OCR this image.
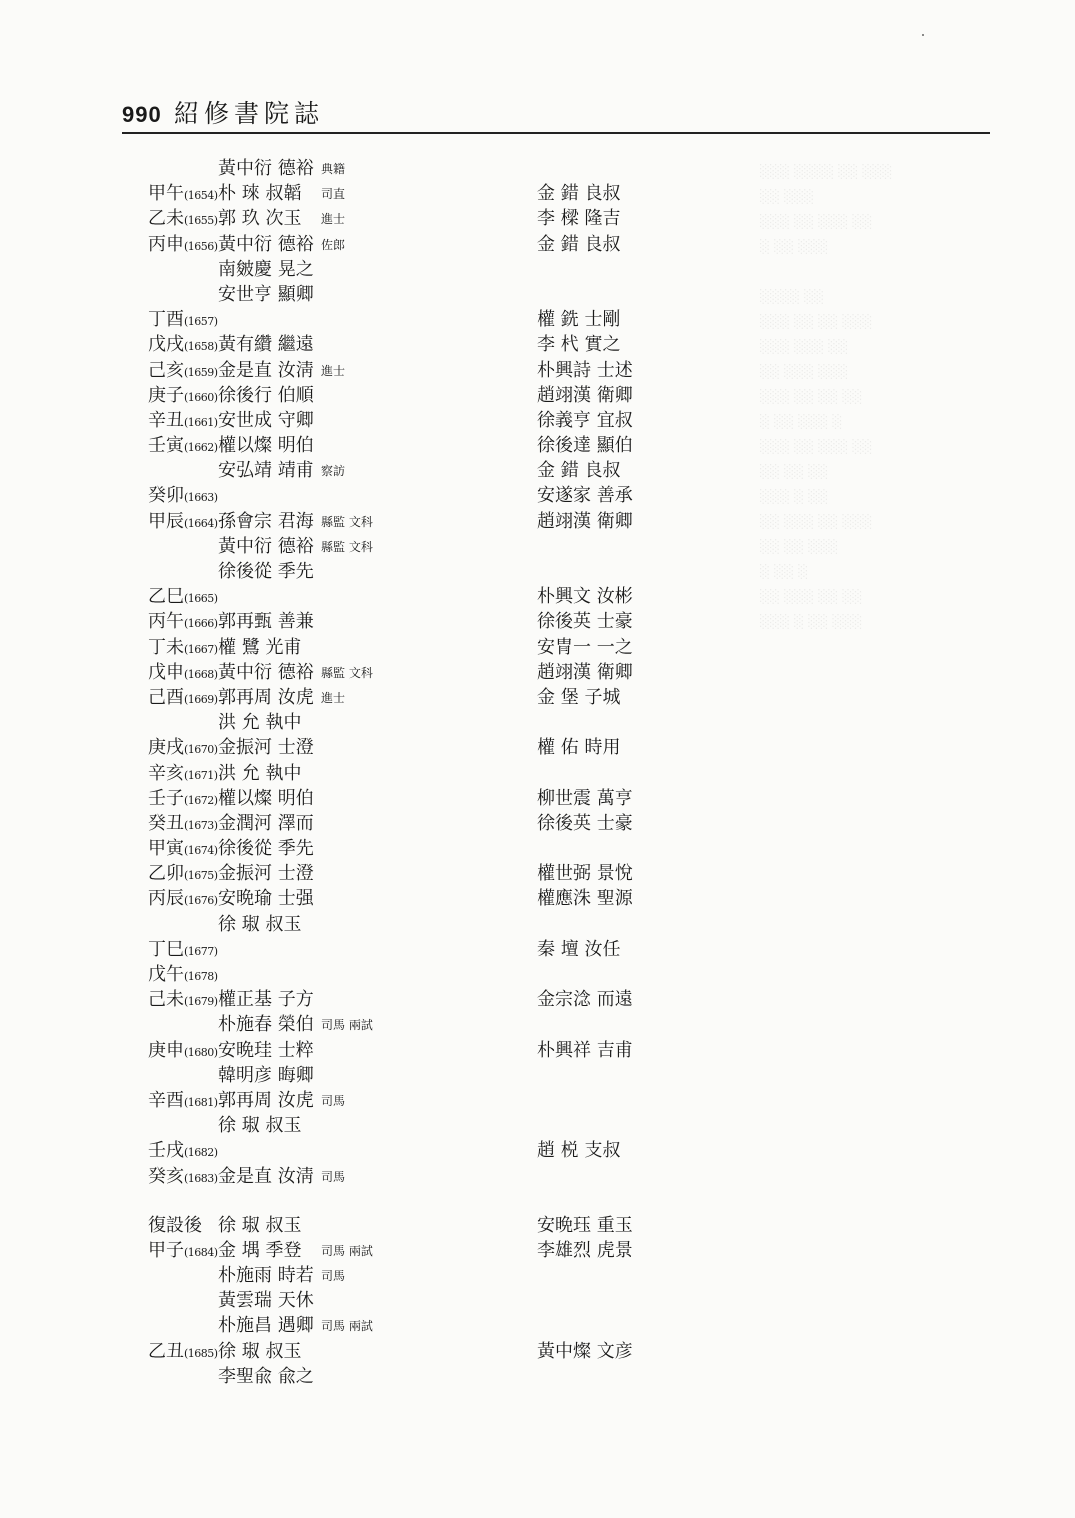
990 紹修書院誌
░░░ ░░░░ ░░ ░░░
░░ ░░░
░░░ ░░ ░░░ ░░
░ ░░ ░░░

░░░░ ░░
░░░ ░░ ░░ ░░░
░░░ ░░░ ░░
░░ ░░░ ░░░
░░░ ░░ ░░ ░░
░ ░░ ░░░ ░
░░░ ░░ ░░░ ░░
░░ ░░ ░░
░░░ ░ ░░
░░ ░░░ ░░ ░░░
░░ ░░ ░░░
░ ░░ ░
░░ ░░░ ░░ ░░
░░░ ░ ░░ ░░░
黃中衍 德裕 典籍
甲午(1654) 朴 琜 叔韜 司直	金 錯 良叔
乙未(1655) 郭 玖 次玉 進士	李 樑 隆吉
丙申(1656) 黃中衍 德裕 佐郎	金 錯 良叔
南皴慶 晃之
安世亨 顯卿
丁酉(1657)	權 銑 士剛
戊戌(1658) 黃有纘 繼遠	李 杙 實之
己亥(1659) 金是直 汝淸 進士	朴興詩 士述
庚子(1660) 徐後行 伯順	趙翊漢 衛卿
辛丑(1661) 安世成 守卿	徐義亨 宜叔
壬寅(1662) 權以燦 明伯	徐後達 顯伯
安弘靖 靖甫 察訪	金 錯 良叔
癸卯(1663)	安遂家 善承
甲辰(1664) 孫會宗 君海 縣監 文科	趙翊漢 衛卿
黃中衍 德裕 縣監 文科
徐後從 季先
乙巳(1665)	朴興文 汝彬
丙午(1666) 郭再甄 善兼	徐後英 士豪
丁未(1667) 權 鷺 光甫	安冑一 一之
戊申(1668) 黃中衍 德裕 縣監 文科	趙翊漢 衛卿
己酉(1669) 郭再周 汝虎 進士	金 堡 子城
洪 允 執中
庚戌(1670) 金振河 士澄	權 佑 時用
辛亥(1671) 洪 允 執中
壬子(1672) 權以燦 明伯	柳世震 萬亨
癸丑(1673) 金潤河 澤而	徐後英 士豪
甲寅(1674) 徐後從 季先
乙卯(1675) 金振河 士澄	權世弼 景悅
丙辰(1676) 安晩瑜 士强	權應洙 聖源
徐 琡 叔玉
丁巳(1677)	秦 壇 汝任
戊午(1678)
己未(1679) 權正基 子方	金宗淰 而遠
朴施春 榮伯 司馬 兩試
庚申(1680) 安晩珪 士粹	朴興祥 吉甫
韓明彦 晦卿
辛酉(1681) 郭再周 汝虎 司馬
徐 琡 叔玉
壬戌(1682)	趙 棁 支叔
癸亥(1683) 金是直 汝淸 司馬
復設後 徐 琡 叔玉	安晩珏 重玉
甲子(1684) 金 堣 季登 司馬 兩試	李雄烈 虎景
朴施雨 時若 司馬
黃雲瑞 天休
朴施昌 遇卿 司馬 兩試
乙丑(1685) 徐 琡 叔玉	黃中燦 文彦
李聖兪 兪之
